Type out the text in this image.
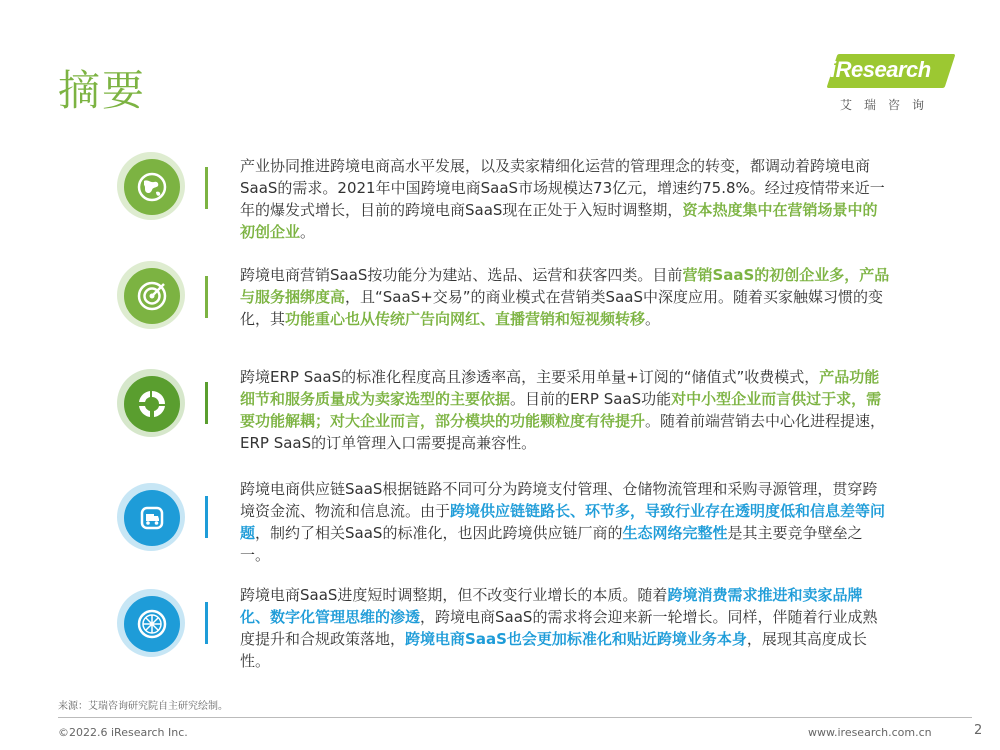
摘要	iResearch
艾瑞咨询
产业协同推进跨境电商高水平发展，以及卖家精细化运营的管理理念的转变，都调动着跨境电商SaaS的需求。2021年中国跨境电商SaaS市场规模达73亿元，增速约75.8%。经过疫情带来近一年的爆发式增长，目前的跨境电商SaaS现在正处于入短时调整期，资本热度集中在营销场景中的初创企业。
跨境电商营销SaaS按功能分为建站、选品、运营和获客四类。目前营销SaaS的初创企业多，产品与服务捆绑度高，且“SaaS+交易”的商业模式在营销类SaaS中深度应用。随着买家触媒习惯的变化，其功能重心也从传统广告向网红、直播营销和短视频转移。
跨境ERP SaaS的标准化程度高且渗透率高，主要采用单量+订阅的“储值式”收费模式，产品功能细节和服务质量成为卖家选型的主要依据。目前的ERP SaaS功能对中小型企业而言供过于求，需要功能解耦；对大企业而言，部分模块的功能颗粒度有待提升。随着前端营销去中心化进程提速，ERP SaaS的订单管理入口需要提高兼容性。
跨境电商供应链SaaS根据链路不同可分为跨境支付管理、仓储物流管理和采购寻源管理，贯穿跨境资金流、物流和信息流。由于跨境供应链链路长、环节多，导致行业存在透明度低和信息差等问题，制约了相关SaaS的标准化，也因此跨境供应链厂商的生态网络完整性是其主要竞争壁垒之一。
跨境电商SaaS进度短时调整期，但不改变行业增长的本质。随着跨境消费需求推进和卖家品牌化、数字化管理思维的渗透，跨境电商SaaS的需求将会迎来新一轮增长。同样，伴随着行业成熟度提升和合规政策落地，跨境电商SaaS也会更加标准化和贴近跨境业务本身，展现其高度成长性。
来源：艾瑞咨询研究院自主研究绘制。
©2022.6 iResearch Inc.	www.iresearch.com.cn	2
